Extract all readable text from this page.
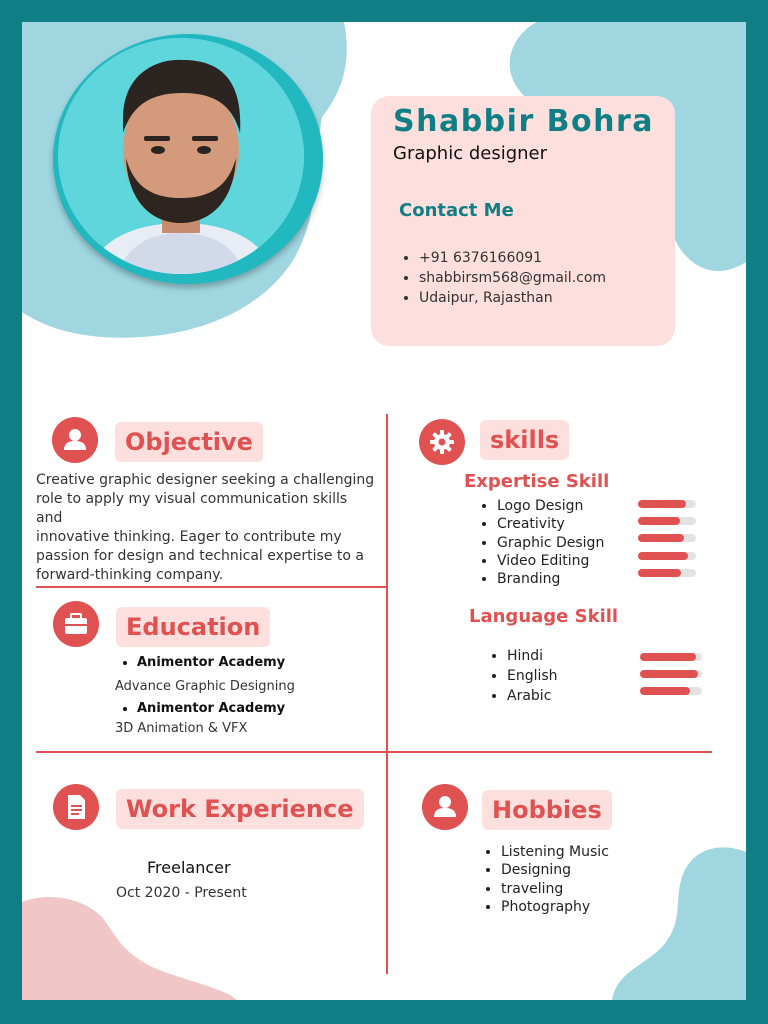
Shabbir Bohra
Graphic designer
Contact Me
• +91 6376166091
• shabbirsm568@gmail.com
• Udaipur, Rajasthan
Objective
Creative graphic designer seeking a challenging
role to apply my visual communication skills and
innovative thinking. Eager to contribute my
passion for design and technical expertise to a
forward-thinking company.
Education
• Animentor Academy
Advance Graphic Designing
• Animentor Academy
3D Animation & VFX
skills
Expertise Skill
• Logo Design
• Creativity
• Graphic Design
• Video Editing
• Branding
Language Skill
• Hindi
• English
• Arabic
Work Experience
Freelancer
Oct 2020 - Present
Hobbies
• Listening Music
• Designing
• traveling
• Photography
